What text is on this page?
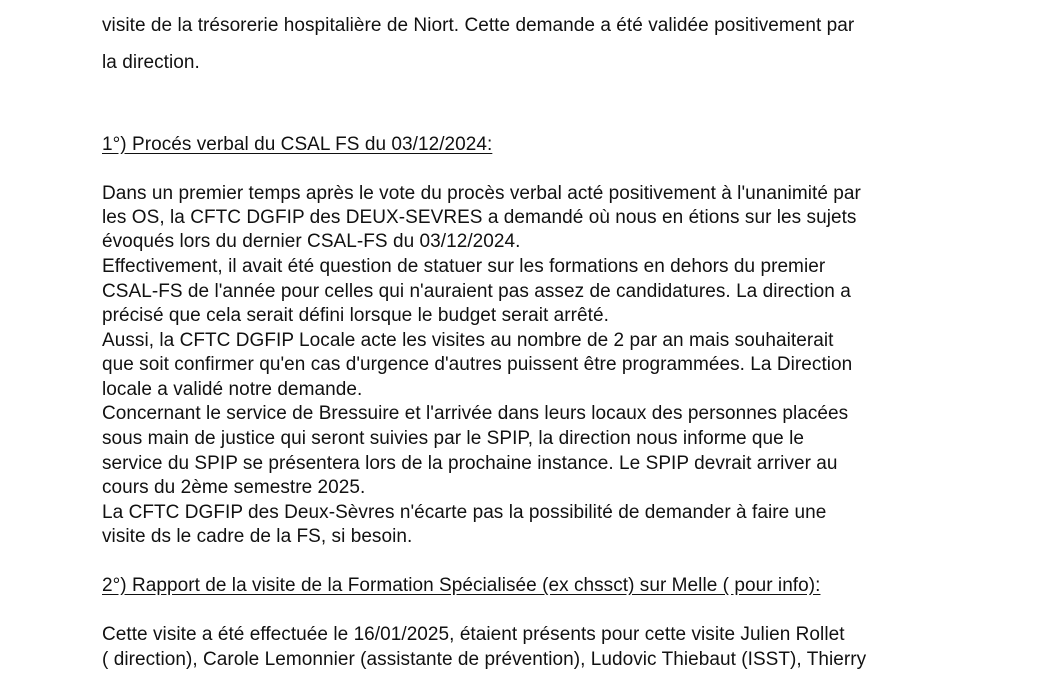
visite de la trésorerie hospitalière de Niort. Cette demande a été validée positivement par

la direction.

1°) Procés verbal du CSAL FS du 03/12/2024:

Dans un premier temps après le vote du procès verbal acté positivement à l'unanimité par

les OS, la CFTC DGFIP des DEUX-SEVRES a demandé où nous en étions sur les sujets

évoqués lors du dernier CSAL-FS du 03/12/2024.

Effectivement, il avait été question de statuer sur les formations en dehors du premier

CSAL-FS de l'année pour celles qui n'auraient pas assez de candidatures. La direction a

précisé que cela serait défini lorsque le budget serait arrêté.

Aussi, la CFTC DGFIP Locale acte les visites au nombre de 2 par an mais souhaiterait

que soit confirmer qu'en cas d'urgence d'autres puissent être programmées. La Direction

locale a validé notre demande.

Concernant le service de Bressuire et l'arrivée dans leurs locaux des personnes placées

sous main de justice qui seront suivies par le SPIP, la direction nous informe que le

service du SPIP se présentera lors de la prochaine instance. Le SPIP devrait arriver au

cours du 2ème semestre 2025.

La CFTC DGFIP des Deux-Sèvres n'écarte pas la possibilité de demander à faire une

visite ds le cadre de la FS, si besoin.

2°) Rapport de la visite de la Formation Spécialisée (ex chssct) sur Melle ( pour info):

Cette visite a été effectuée le 16/01/2025, étaient présents pour cette visite Julien Rollet

( direction), Carole Lemonnier (assistante de prévention), Ludovic Thiebaut (ISST), Thierry
